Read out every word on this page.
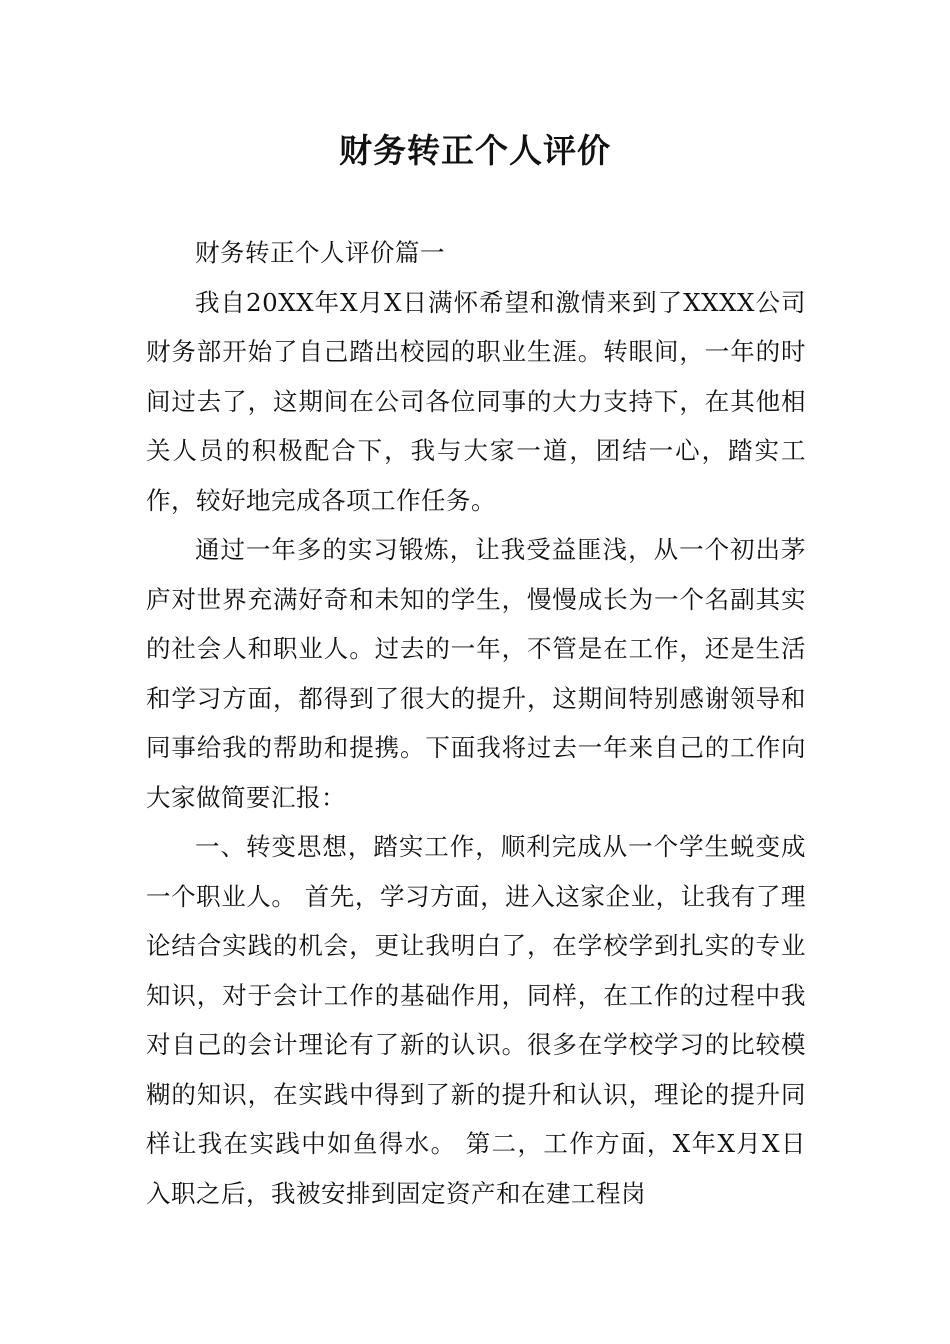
财务转正个人评价

财务转正个人评价篇一

我自20XX年X月X日满怀希望和激情来到了XXXX公司财务部开始了自己踏出校园的职业生涯。转眼间，一年的时间过去了，这期间在公司各位同事的大力支持下，在其他相关人员的积极配合下，我与大家一道，团结一心，踏实工作，较好地完成各项工作任务。

通过一年多的实习锻炼，让我受益匪浅，从一个初出茅庐对世界充满好奇和未知的学生，慢慢成长为一个名副其实的社会人和职业人。过去的一年，不管是在工作，还是生活和学习方面，都得到了很大的提升，这期间特别感谢领导和同事给我的帮助和提携。下面我将过去一年来自己的工作向大家做简要汇报：

一、转变思想，踏实工作，顺利完成从一个学生蜕变成一个职业人。 首先，学习方面，进入这家企业，让我有了理论结合实践的机会，更让我明白了，在学校学到扎实的专业知识，对于会计工作的基础作用，同样，在工作的过程中我对自己的会计理论有了新的认识。很多在学校学习的比较模糊的知识，在实践中得到了新的提升和认识，理论的提升同样让我在实践中如鱼得水。 第二，工作方面，X年X月X日入职之后，我被安排到固定资产和在建工程岗
